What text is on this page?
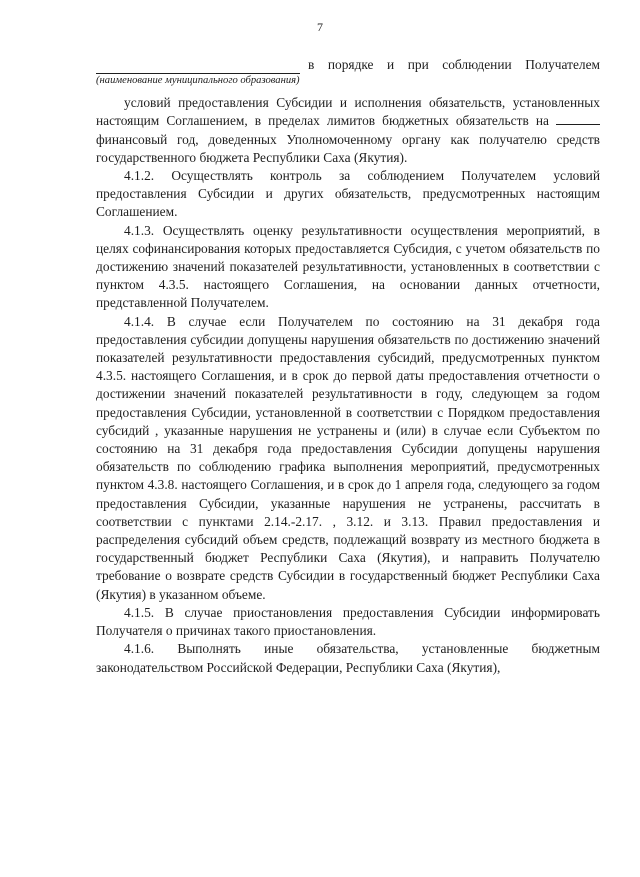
7
в порядке и при соблюдении Получателем
(наименование муниципального образования)

условий предоставления Субсидии и исполнения обязательств, установленных настоящим Соглашением, в пределах лимитов бюджетных обязательств на  финансовый год, доведенных Уполномоченному органу как получателю средств государственного бюджета Республики Саха (Якутия).

4.1.2. Осуществлять контроль за соблюдением Получателем условий предоставления Субсидии и других обязательств, предусмотренных настоящим Соглашением.

4.1.3. Осуществлять оценку результативности осуществления мероприятий, в целях софинансирования которых предоставляется Субсидия, с учетом обязательств по достижению значений показателей результативности, установленных в соответствии с пунктом 4.3.5. настоящего Соглашения, на основании данных отчетности, представленной Получателем.

4.1.4. В случае если Получателем по состоянию на 31 декабря года предоставления субсидии допущены нарушения обязательств по достижению значений показателей результативности предоставления субсидий, предусмотренных пунктом 4.3.5. настоящего Соглашения, и в срок до первой даты предоставления отчетности о достижении значений показателей результативности в году, следующем за годом предоставления Субсидии, установленной в соответствии с Порядком предоставления субсидий , указанные нарушения не устранены и (или) в случае если Субъектом по состоянию на 31 декабря года предоставления Субсидии допущены нарушения обязательств по соблюдению графика выполнения мероприятий, предусмотренных пунктом 4.3.8. настоящего Соглашения, и в срок до 1 апреля года, следующего за годом предоставления Субсидии, указанные нарушения не устранены, рассчитать в соответствии с пунктами 2.14.-2.17. , 3.12. и 3.13. Правил предоставления и распределения субсидий объем средств, подлежащий возврату из местного бюджета в государственный бюджет Республики Саха (Якутия), и направить Получателю требование о возврате средств Субсидии в государственный бюджет Республики Саха (Якутия) в указанном объеме.

4.1.5. В случае приостановления предоставления Субсидии информировать Получателя о причинах такого приостановления.

4.1.6. Выполнять иные обязательства, установленные бюджетным законодательством Российской Федерации, Республики Саха (Якутия),
